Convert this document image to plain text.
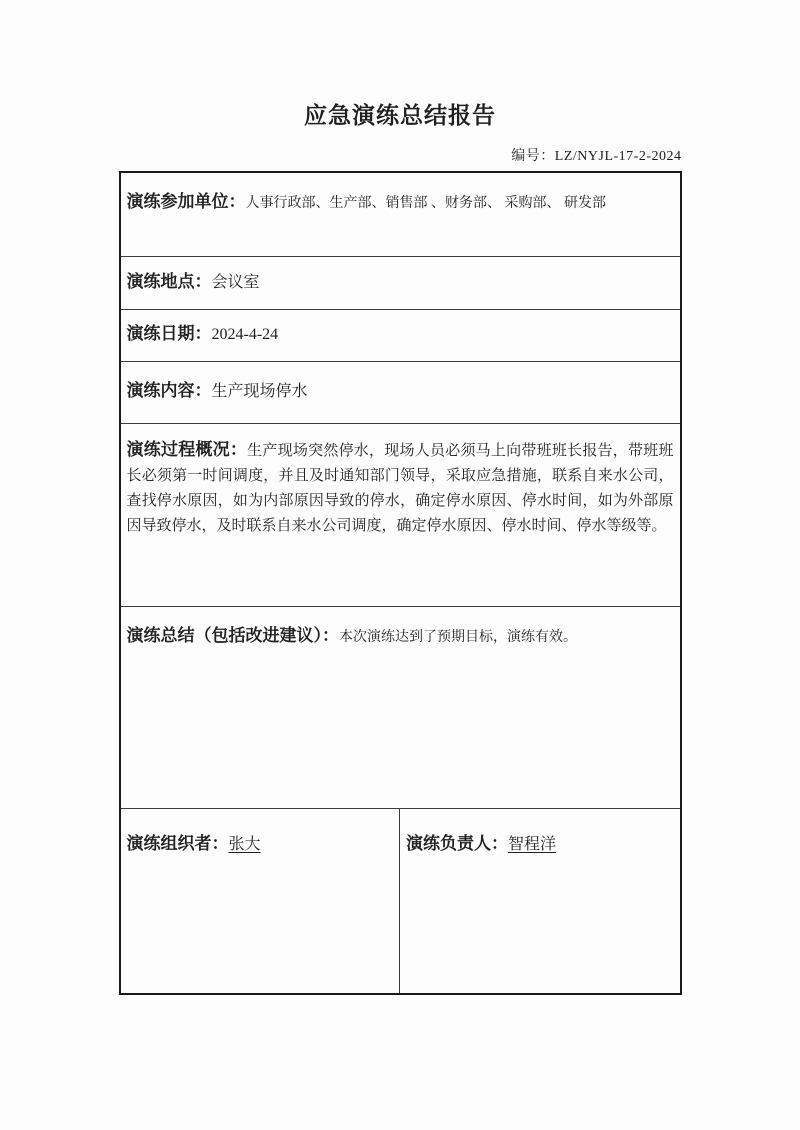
应急演练总结报告
编号：LZ/NYJL-17-2-2024
演练参加单位：人事行政部、生产部、销售部 、财务部、 采购部、 研发部
演练地点：会议室
演练日期：2024-4-24
演练内容：生产现场停水

演练过程概况：生产现场突然停水，现场人员必须马上向带班班长报告，带班班长必须第一时间调度，并且及时通知部门领导，采取应急措施，联系自来水公司，查找停水原因，如为内部原因导致的停水，确定停水原因、停水时间，如为外部原因导致停水，及时联系自来水公司调度，确定停水原因、停水时间、停水等级等。

演练总结（包括改进建议）：本次演练达到了预期目标，演练有效。

演练组织者：张大	演练负责人：智程洋
